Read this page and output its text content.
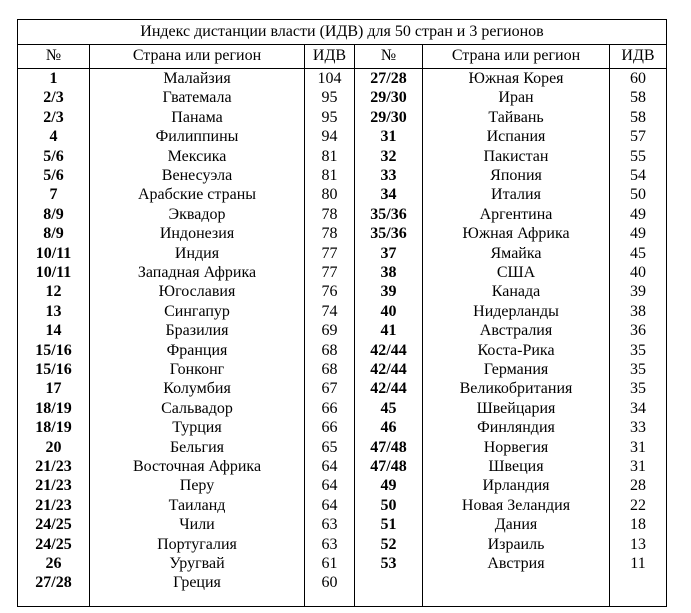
Индекс дистанции власти (ИДВ) для 50 стран и 3 регионов
№	Страна или регион	ИДВ	№	Страна или регион	ИДВ
1	Малайзия	104	27/28	Южная Корея	60
2/3	Гватемала	95	29/30	Иран	58
2/3	Панама	95	29/30	Тайвань	58
4	Филиппины	94	31	Испания	57
5/6	Мексика	81	32	Пакистан	55
5/6	Венесуэла	81	33	Япония	54
7	Арабские страны	80	34	Италия	50
8/9	Эквадор	78	35/36	Аргентина	49
8/9	Индонезия	78	35/36	Южная Африка	49
10/11	Индия	77	37	Ямайка	45
10/11	Западная Африка	77	38	США	40
12	Югославия	76	39	Канада	39
13	Сингапур	74	40	Нидерланды	38
14	Бразилия	69	41	Австралия	36
15/16	Франция	68	42/44	Коста-Рика	35
15/16	Гонконг	68	42/44	Германия	35
17	Колумбия	67	42/44	Великобритания	35
18/19	Сальвадор	66	45	Швейцария	34
18/19	Турция	66	46	Финляндия	33
20	Бельгия	65	47/48	Норвегия	31
21/23	Восточная Африка	64	47/48	Швеция	31
21/23	Перу	64	49	Ирландия	28
21/23	Таиланд	64	50	Новая Зеландия	22
24/25	Чили	63	51	Дания	18
24/25	Португалия	63	52	Израиль	13
26	Уругвай	61	53	Австрия	11
27/28	Греция	60
